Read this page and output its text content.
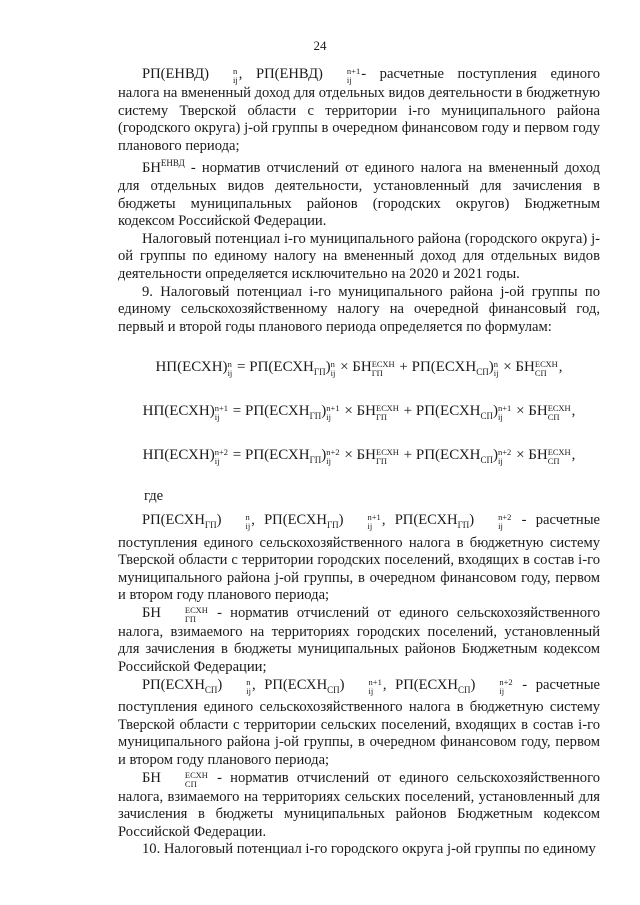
24

РП(ЕНВД)	n
ij , РП(ЕНВД)	n+1
ij - расчетные поступления единого налога на вмененный доход для отдельных видов деятельности в бюджетную систему Тверской области с территории i-го муниципального района (городского округа) j-ой группы в очередном финансовом году и первом году планового периода;

$БН^{ЕНВД}$ - норматив отчислений от единого налога на вмененный доход для отдельных видов деятельности, установленный для зачисления в бюджеты муниципальных районов (городских округов) Бюджетным кодексом Российской Федерации.

Налоговый потенциал i-го муниципального района (городского округа) j-ой группы по единому налогу на вмененный доход для отдельных видов деятельности определяется исключительно на 2020 и 2021 годы.

9. Налоговый потенциал i-го муниципального района j-ой группы по единому сельскохозяйственному налогу на очередной финансовый год, первый и второй годы планового периода определяется по формулам:

НП(ЕСХН) n
ij = $РП(ЕСХН_{ГП})$ n
ij × БН ЕСХН
ГП + $РП(ЕСХН_{СП})$ n
ij × БН ЕСХН
СП ,
НП(ЕСХН) n+1
ij = $РП(ЕСХН_{ГП})$ n+1
ij × БН ЕСХН
ГП + $РП(ЕСХН_{СП})$ n+1
ij × БН ЕСХН
СП ,
НП(ЕСХН) n+2
ij = $РП(ЕСХН_{ГП})$ n+2
ij × БН ЕСХН
ГП + $РП(ЕСХН_{СП})$ n+2
ij × БН ЕСХН
СП ,

где

$РП(ЕСХН_{ГП})$	n
ij , $РП(ЕСХН_{ГП})$	n+1
ij , $РП(ЕСХН_{ГП})$	n+2
ij - расчетные поступления единого сельскохозяйственного налога в бюджетную систему Тверской области с территории городских поселений, входящих в состав i-го муниципального района j-ой группы, в очередном финансовом году, первом и втором году планового периода;

БН	ЕСХН
ГП - норматив отчислений от единого сельскохозяйственного налога, взимаемого на территориях городских поселений, установленный для зачисления в бюджеты муниципальных районов Бюджетным кодексом Российской Федерации;

$РП(ЕСХН_{СП})$	n
ij , $РП(ЕСХН_{СП})$	n+1
ij , $РП(ЕСХН_{СП})$	n+2
ij - расчетные поступления единого сельскохозяйственного налога в бюджетную систему Тверской области с территории сельских поселений, входящих в состав i-го муниципального района j-ой группы, в очередном финансовом году, первом и втором году планового периода;

БН	ЕСХН
СП - норматив отчислений от единого сельскохозяйственного налога, взимаемого на территориях сельских поселений, установленный для зачисления в бюджеты муниципальных районов Бюджетным кодексом Российской Федерации.

10. Налоговый потенциал i-го городского округа j-ой группы по единому
